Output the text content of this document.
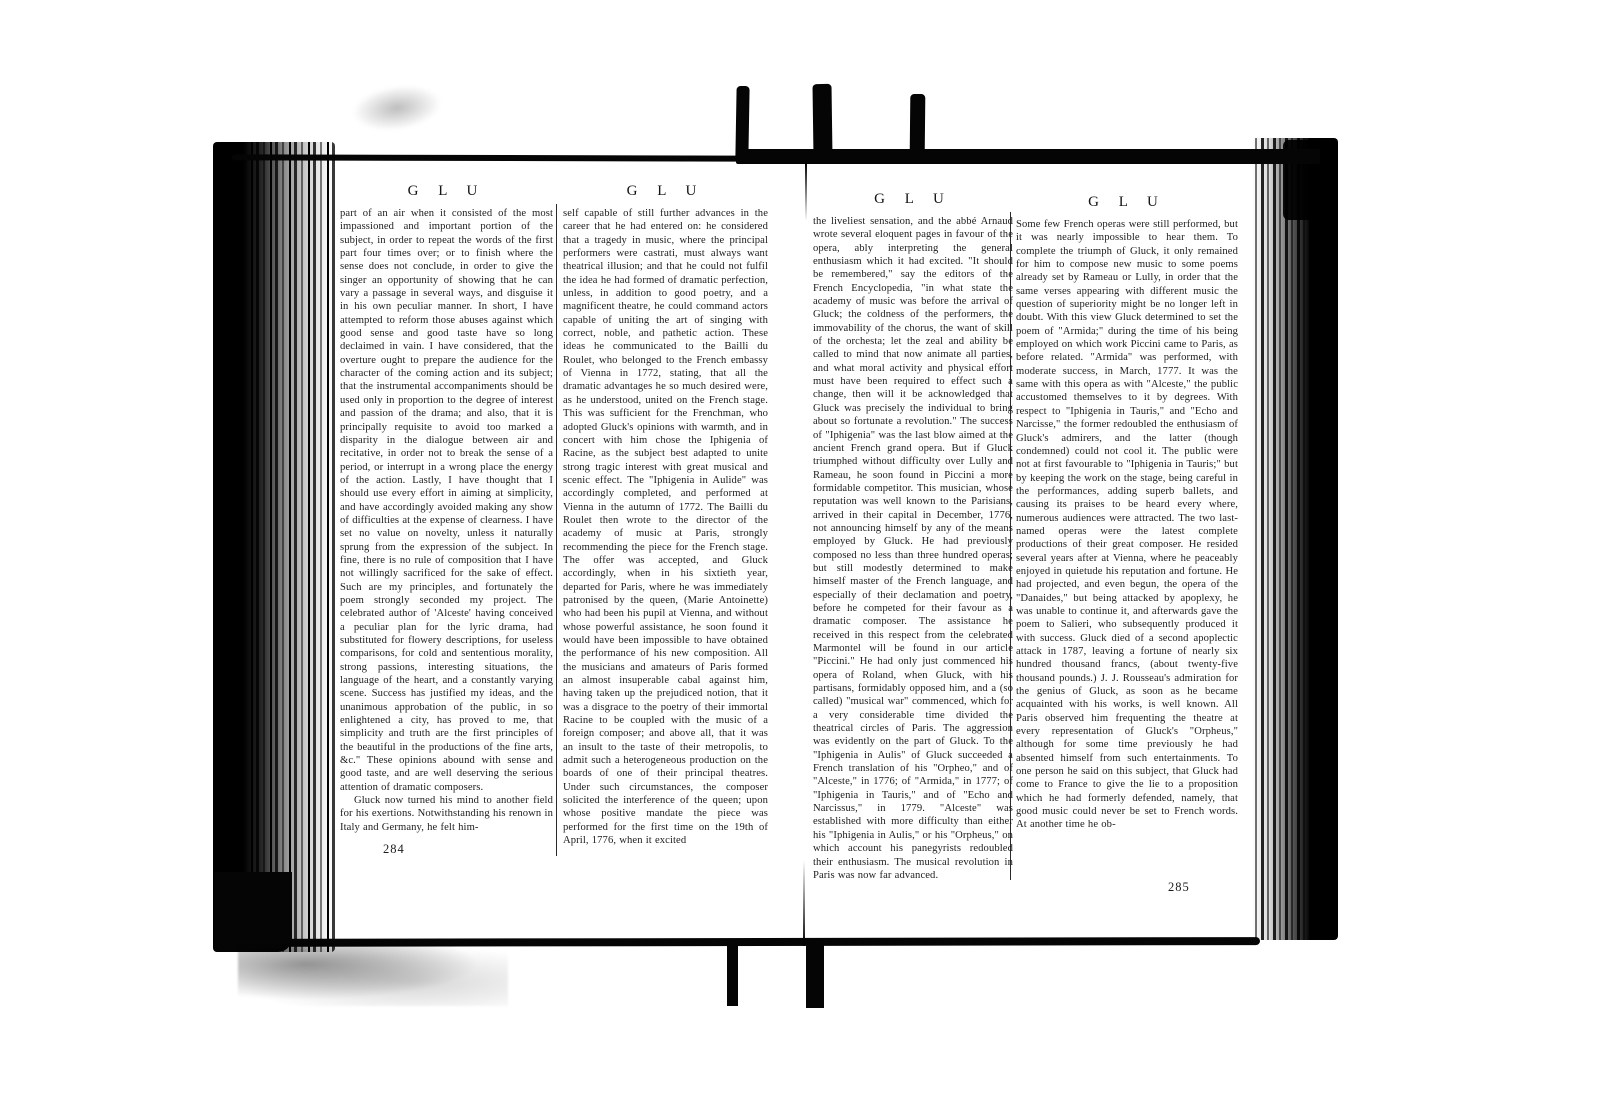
G L U

part of an air when it consisted of the most impassioned and important portion of the subject, in order to repeat the words of the first part four times over; or to finish where the sense does not conclude, in order to give the singer an opportunity of showing that he can vary a passage in several ways, and disguise it in his own peculiar manner. In short, I have attempted to reform those abuses against which good sense and good taste have so long declaimed in vain. I have considered, that the overture ought to prepare the audience for the character of the coming action and its subject; that the instrumental accompaniments should be used only in proportion to the degree of interest and passion of the drama; and also, that it is principally requisite to avoid too marked a disparity in the dialogue between air and recitative, in order not to break the sense of a period, or interrupt in a wrong place the energy of the action. Lastly, I have thought that I should use every effort in aiming at simplicity, and have accordingly avoided making any show of difficulties at the expense of clearness. I have set no value on novelty, unless it naturally sprung from the expression of the subject. In fine, there is no rule of composition that I have not willingly sacrificed for the sake of effect. Such are my principles, and fortunately the poem strongly seconded my project. The celebrated author of 'Alceste' having conceived a peculiar plan for the lyric drama, had substituted for flowery descriptions, for useless comparisons, for cold and sententious morality, strong passions, interesting situations, the language of the heart, and a constantly varying scene. Success has justified my ideas, and the unanimous approbation of the public, in so enlightened a city, has proved to me, that simplicity and truth are the first principles of the beautiful in the productions of the fine arts, &c." These opinions abound with sense and good taste, and are well deserving the serious attention of dramatic composers.

Gluck now turned his mind to another field for his exertions. Notwithstanding his renown in Italy and Germany, he felt him-

284
G L U

self capable of still further advances in the career that he had entered on: he considered that a tragedy in music, where the principal performers were castrati, must always want theatrical illusion; and that he could not fulfil the idea he had formed of dramatic perfection, unless, in addition to good poetry, and a magnificent theatre, he could command actors capable of uniting the art of singing with correct, noble, and pathetic action. These ideas he communicated to the Bailli du Roulet, who belonged to the French embassy of Vienna in 1772, stating, that all the dramatic advantages he so much desired were, as he understood, united on the French stage. This was sufficient for the Frenchman, who adopted Gluck's opinions with warmth, and in concert with him chose the Iphigenia of Racine, as the subject best adapted to unite strong tragic interest with great musical and scenic effect. The "Iphigenia in Aulide" was accordingly completed, and performed at Vienna in the autumn of 1772. The Bailli du Roulet then wrote to the director of the academy of music at Paris, strongly recommending the piece for the French stage. The offer was accepted, and Gluck accordingly, when in his sixtieth year, departed for Paris, where he was immediately patronised by the queen, (Marie Antoinette) who had been his pupil at Vienna, and without whose powerful assistance, he soon found it would have been impossible to have obtained the performance of his new composition. All the musicians and amateurs of Paris formed an almost insuperable cabal against him, having taken up the prejudiced notion, that it was a disgrace to the poetry of their immortal Racine to be coupled with the music of a foreign composer; and above all, that it was an insult to the taste of their metropolis, to admit such a heterogeneous production on the boards of one of their principal theatres. Under such circumstances, the composer solicited the interference of the queen; upon whose positive mandate the piece was performed for the first time on the 19th of April, 1776, when it excited

G L U

the liveliest sensation, and the abbé Arnaud wrote several eloquent pages in favour of the opera, ably interpreting the general enthusiasm which it had excited. "It should be remembered," say the editors of the French Encyclopedia, "in what state the academy of music was before the arrival of Gluck; the coldness of the performers, the immovability of the chorus, the want of skill of the orchesta; let the zeal and ability be called to mind that now animate all parties, and what moral activity and physical effort must have been required to effect such a change, then will it be acknowledged that Gluck was precisely the individual to bring about so fortunate a revolution." The success of "Iphigenia" was the last blow aimed at the ancient French grand opera. But if Gluck triumphed without difficulty over Lully and Rameau, he soon found in Piccini a more formidable competitor. This musician, whose reputation was well known to the Parisians, arrived in their capital in December, 1776, not announcing himself by any of the means employed by Gluck. He had previously composed no less than three hundred operas; but still modestly determined to make himself master of the French language, and especially of their declamation and poetry, before he competed for their favour as a dramatic composer. The assistance he received in this respect from the celebrated Marmontel will be found in our article "Piccini." He had only just commenced his opera of Roland, when Gluck, with his partisans, formidably opposed him, and a (so called) "musical war" commenced, which for a very considerable time divided the theatrical circles of Paris. The aggression was evidently on the part of Gluck. To the "Iphigenia in Aulis" of Gluck succeeded a French translation of his "Orpheo," and of "Alceste," in 1776; of "Armida," in 1777; of "Iphigenia in Tauris," and of "Echo and Narcissus," in 1779. "Alceste" was established with more difficulty than either his "Iphigenia in Aulis," or his "Orpheus," on which account his panegyrists redoubled their enthusiasm. The musical revolution in Paris was now far advanced.

G L U

Some few French operas were still performed, but it was nearly impossible to hear them. To complete the triumph of Gluck, it only remained for him to compose new music to some poems already set by Rameau or Lully, in order that the same verses appearing with different music the question of superiority might be no longer left in doubt. With this view Gluck determined to set the poem of "Armida;" during the time of his being employed on which work Piccini came to Paris, as before related. "Armida" was performed, with moderate success, in March, 1777. It was the same with this opera as with "Alceste," the public accustomed themselves to it by degrees. With respect to "Iphigenia in Tauris," and "Echo and Narcisse," the former redoubled the enthusiasm of Gluck's admirers, and the latter (though condemned) could not cool it. The public were not at first favourable to "Iphigenia in Tauris;" but by keeping the work on the stage, being careful in the performances, adding superb ballets, and causing its praises to be heard every where, numerous audiences were attracted. The two last-named operas were the latest complete productions of their great composer. He resided several years after at Vienna, where he peaceably enjoyed in quietude his reputation and fortune. He had projected, and even begun, the opera of the "Danaides," but being attacked by apoplexy, he was unable to continue it, and afterwards gave the poem to Salieri, who subsequently produced it with success. Gluck died of a second apoplectic attack in 1787, leaving a fortune of nearly six hundred thousand francs, (about twenty-five thousand pounds.) J. J. Rousseau's admiration for the genius of Gluck, as soon as he became acquainted with his works, is well known. All Paris observed him frequenting the theatre at every representation of Gluck's "Orpheus," although for some time previously he had absented himself from such entertainments. To one person he said on this subject, that Gluck had come to France to give the lie to a proposition which he had formerly defended, namely, that good music could never be set to French words. At another time he ob-

285
